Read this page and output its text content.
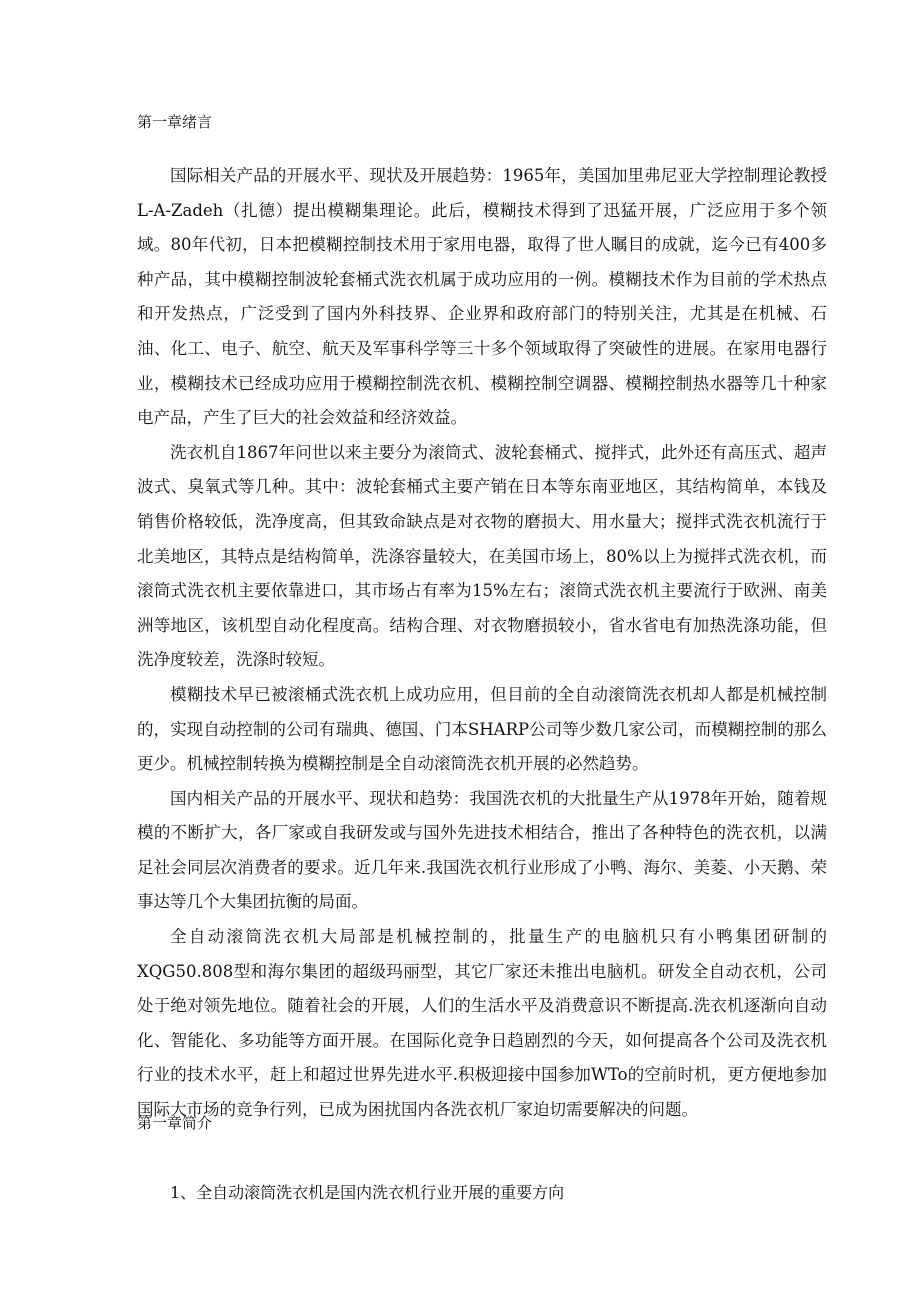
第一章绪言

国际相关产品的开展水平、现状及开展趋势：1965年，美国加里弗尼亚大学控制理论教授L-A-Zadeh（扎德）提出模糊集理论。此后，模糊技术得到了迅猛开展，广泛应用于多个领域。80年代初，日本把模糊控制技术用于家用电器，取得了世人瞩目的成就，迄今已有400多种产品，其中模糊控制波轮套桶式洗衣机属于成功应用的一例。模糊技术作为目前的学术热点和开发热点，广泛受到了国内外科技界、企业界和政府部门的特别关注，尤其是在机械、石油、化工、电子、航空、航天及军事科学等三十多个领域取得了突破性的进展。在家用电器行业，模糊技术已经成功应用于模糊控制洗衣机、模糊控制空调器、模糊控制热水器等几十种家电产品，产生了巨大的社会效益和经济效益。

洗衣机自1867年问世以来主要分为滚筒式、波轮套桶式、搅拌式，此外还有高压式、超声波式、臭氧式等几种。其中：波轮套桶式主要产销在日本等东南亚地区，其结构简单，本钱及销售价格较低，洗净度高，但其致命缺点是对衣物的磨损大、用水量大；搅拌式洗衣机流行于北美地区，其特点是结构简单，洗涤容量较大，在美国市场上，80%以上为搅拌式洗衣机，而滚筒式洗衣机主要依靠进口，其市场占有率为15%左右；滚筒式洗衣机主要流行于欧洲、南美洲等地区，该机型自动化程度高。结构合理、对衣物磨损较小，省水省电有加热洗涤功能，但洗净度较差，洗涤时较短。

模糊技术早已被滚桶式洗衣机上成功应用，但目前的全自动滚筒洗衣机却人都是机械控制的，实现自动控制的公司有瑞典、德国、门本SHARP公司等少数几家公司，而模糊控制的那么更少。机械控制转换为模糊控制是全自动滚筒洗衣机开展的必然趋势。

国内相关产品的开展水平、现状和趋势：我国洗衣机的大批量生产从1978年开始，随着规模的不断扩大，各厂家或自我研发或与国外先进技术相结合，推出了各种特色的洗衣机，以满足社会同层次消费者的要求。近几年来.我国洗衣机行业形成了小鸭、海尔、美菱、小天鹅、荣事达等几个大集团抗衡的局面。

全自动滚筒洗衣机大局部是机械控制的，批量生产的电脑机只有小鸭集团研制的XQG50.808型和海尔集团的超级玛丽型，其它厂家还未推出电脑机。研发全自动衣机，公司处于绝对领先地位。随着社会的开展，人们的生活水平及消费意识不断提高.洗衣机逐渐向自动化、智能化、多功能等方面开展。在国际化竞争日趋剧烈的今天，如何提高各个公司及洗衣机行业的技术水平，赶上和超过世界先进水平.积极迎接中国参加WTo的空前时机，更方便地参加国际大市场的竞争行列，已成为困扰国内各洗衣机厂家迫切需要解决的问题。

第一章简介
1、全自动滚筒洗衣机是国内洗衣机行业开展的重要方向
